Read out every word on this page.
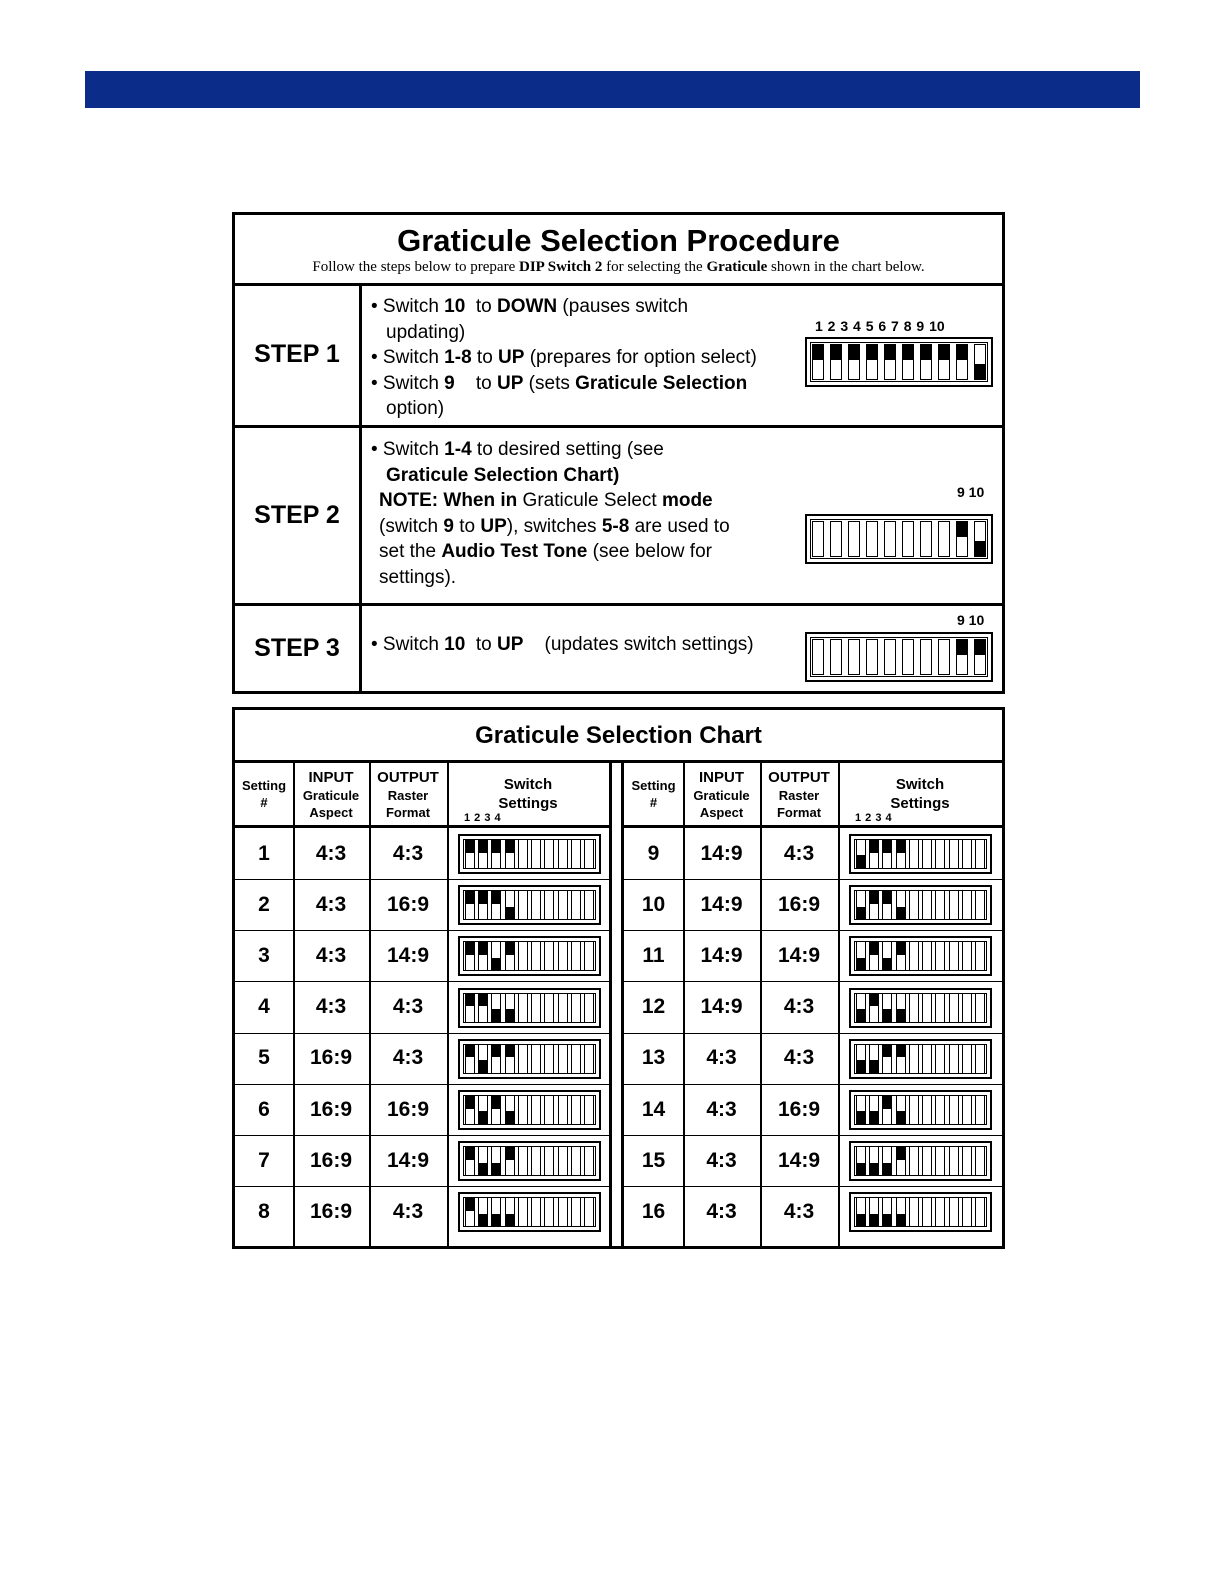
Graticule Selection Procedure
Follow the steps below to prepare DIP Switch 2 for selecting the Graticule shown in the chart below.
STEP 1
• Switch 10  to DOWN (pauses switch
updating)
• Switch 1-8 to UP (prepares for option select)
• Switch 9    to UP (sets Graticule Selection
option)
1 2 3 4 5 6 7 8 9 10
STEP 2
• Switch 1-4 to desired setting (see
Graticule Selection Chart)
NOTE: When in Graticule Select mode
(switch 9 to UP), switches 5-8 are used to
set the Audio Test Tone (see below for
settings).
9 10
STEP 3	• Switch 10  to UP    (updates switch settings)
9 10
Graticule Selection Chart
Setting
#
INPUT
Graticule
Aspect
OUTPUT
Raster
Format
Switch
Settings
1	4:3	4:3
1 2 3 4
2	4:3	16:9
3	4:3	14:9
4	4:3	4:3
5	16:9	4:3
6	16:9	16:9
7	16:9	14:9
8	16:9	4:3
Setting
#
INPUT
Graticule
Aspect
OUTPUT
Raster
Format
Switch
Settings
9	14:9	4:3
1 2 3 4
10	14:9	16:9
11	14:9	14:9
12	14:9	4:3
13	4:3	4:3
14	4:3	16:9
15	4:3	14:9
16	4:3	4:3
